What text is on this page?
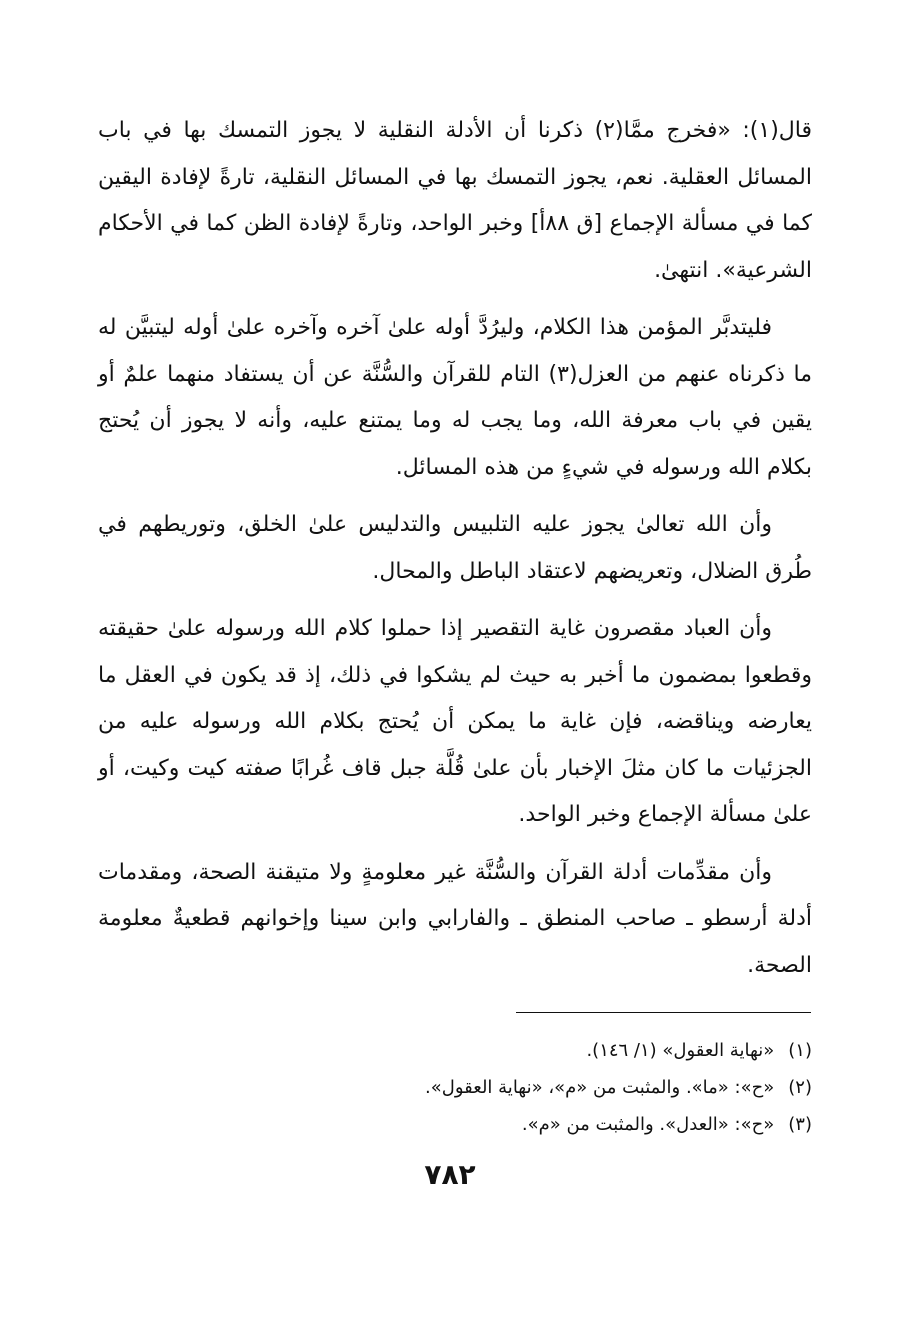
قال(١): «فخرج ممَّا(٢) ذكرنا أن الأدلة النقلية لا يجوز التمسك بها في باب المسائل العقلية. نعم، يجوز التمسك بها في المسائل النقلية، تارةً لإفادة اليقين كما في مسألة الإجماع [ق ٨٨أ] وخبر الواحد، وتارةً لإفادة الظن كما في الأحكام الشرعية». انتهىٰ.

فليتدبَّر المؤمن هذا الكلام، وليرُدَّ أوله علىٰ آخره وآخره علىٰ أوله ليتبيَّن له ما ذكرناه عنهم من العزل(٣) التام للقرآن والسُّنَّة عن أن يستفاد منهما علمٌ أو يقين في باب معرفة الله، وما يجب له وما يمتنع عليه، وأنه لا يجوز أن يُحتج بكلام الله ورسوله في شيءٍ من هذه المسائل.

وأن الله تعالىٰ يجوز عليه التلبيس والتدليس علىٰ الخلق، وتوريطهم في طُرق الضلال، وتعريضهم لاعتقاد الباطل والمحال.

وأن العباد مقصرون غاية التقصير إذا حملوا كلام الله ورسوله علىٰ حقيقته وقطعوا بمضمون ما أخبر به حيث لم يشكوا في ذلك، إذ قد يكون في العقل ما يعارضه ويناقضه، فإن غاية ما يمكن أن يُحتج بكلام الله ورسوله عليه من الجزئيات ما كان مثلَ الإخبار بأن علىٰ قُلَّة جبل قاف غُرابًا صفته كيت وكيت، أو علىٰ مسألة الإجماع وخبر الواحد.

وأن مقدِّمات أدلة القرآن والسُّنَّة غير معلومةٍ ولا متيقنة الصحة، ومقدمات أدلة أرسطو ـ صاحب المنطق ـ والفارابي وابن سينا وإخوانهم قطعيةٌ معلومة الصحة.

(١)«نهاية العقول» (١/ ١٤٦).
(٢)«ح»: «ما». والمثبت من «م»، «نهاية العقول».
(٣)«ح»: «العدل». والمثبت من «م».
٧٨٢
